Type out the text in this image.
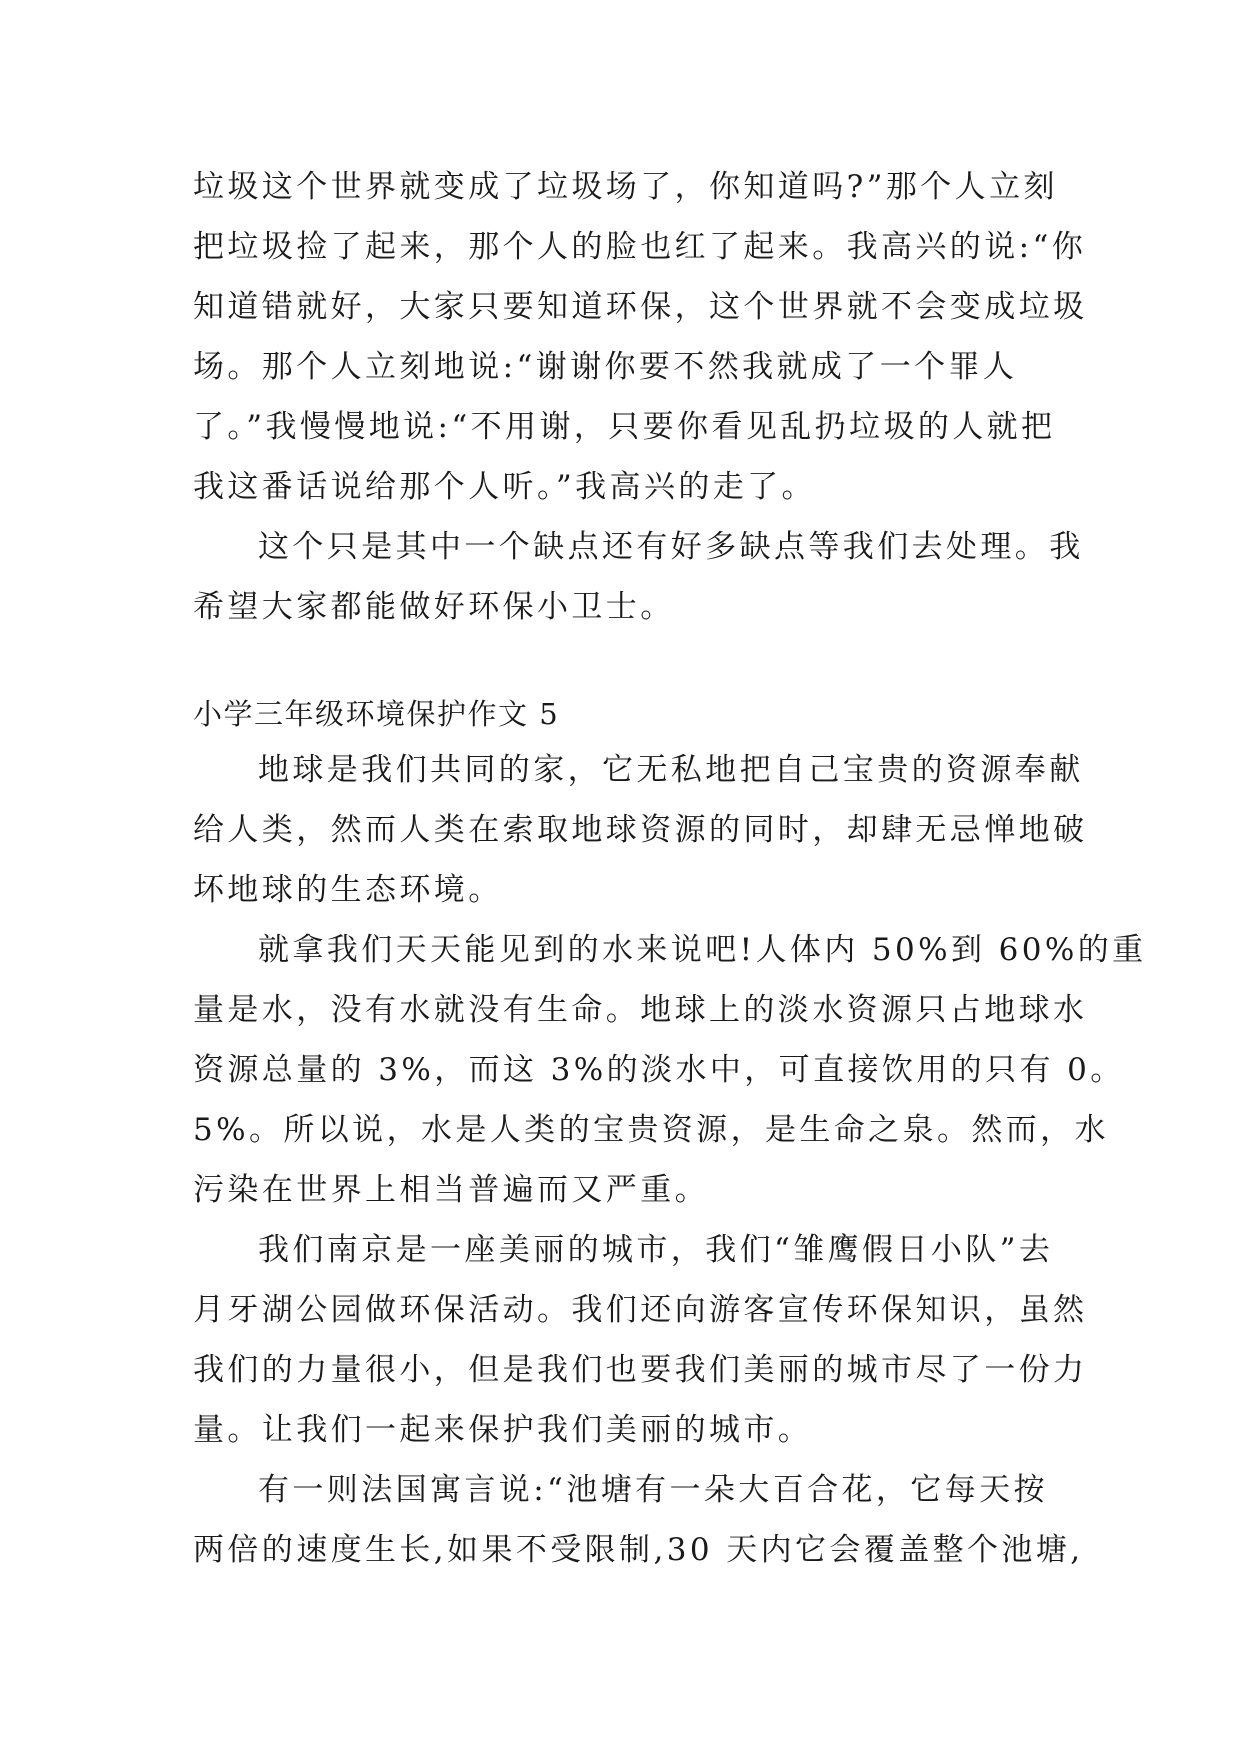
垃圾这个世界就变成了垃圾场了，你知道吗?”那个人立刻
把垃圾捡了起来，那个人的脸也红了起来。我高兴的说:“你
知道错就好，大家只要知道环保，这个世界就不会变成垃圾
场。那个人立刻地说:“谢谢你要不然我就成了一个罪人
了。”我慢慢地说:“不用谢，只要你看见乱扔垃圾的人就把
我这番话说给那个人听。”我高兴的走了。
这个只是其中一个缺点还有好多缺点等我们去处理。我
希望大家都能做好环保小卫士。
小学三年级环境保护作文 5
地球是我们共同的家，它无私地把自己宝贵的资源奉献
给人类，然而人类在索取地球资源的同时，却肆无忌惮地破
坏地球的生态环境。
就拿我们天天能见到的水来说吧!人体内 50%到 60%的重
量是水，没有水就没有生命。地球上的淡水资源只占地球水
资源总量的 3%，而这 3%的淡水中，可直接饮用的只有 0。
5%。所以说，水是人类的宝贵资源，是生命之泉。然而，水
污染在世界上相当普遍而又严重。
我们南京是一座美丽的城市，我们“雏鹰假日小队”去
月牙湖公园做环保活动。我们还向游客宣传环保知识，虽然
我们的力量很小，但是我们也要我们美丽的城市尽了一份力
量。让我们一起来保护我们美丽的城市。
有一则法国寓言说:“池塘有一朵大百合花，它每天按
两倍的速度生长,如果不受限制,30 天内它会覆盖整个池塘,
